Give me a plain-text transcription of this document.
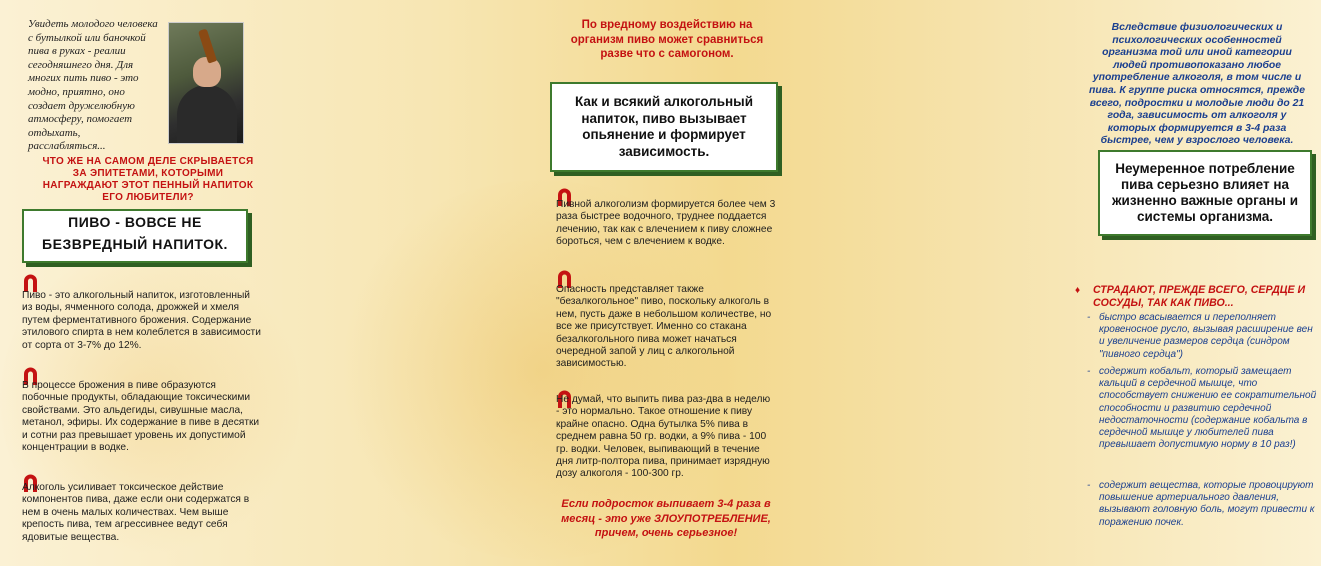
Увидеть молодого человека с бутылкой или баночкой пива в руках - реалии сегодняшнего дня. Для многих пить пиво - это модно, приятно, оно создает дружелюбную атмосферу, помогает отдыхать, расслабляться...

ЧТО ЖЕ НА САМОМ ДЕЛЕ СКРЫВАЕТСЯ ЗА ЭПИТЕТАМИ, КОТОРЫМИ НАГРАЖДАЮТ ЭТОТ ПЕННЫЙ НАПИТОК ЕГО ЛЮБИТЕЛИ?

ПИВО - ВОВСЕ НЕ
БЕЗВРЕДНЫЙ НАПИТОК.

Пиво - это алкогольный напиток, изготовленный из воды, ячменного солода, дрожжей и хмеля путем ферментативного брожения. Содержание этилового спирта в нем колеблется в зависимости от сорта от 3-7% до 12%.

В процессе брожения в пиве образуются побочные продукты, обладающие токсическими свойствами. Это альдегиды, сивушные масла, метанол, эфиры. Их содержание в пиве в десятки и сотни раз превышает уровень их допустимой концентрации в водке.

Алкоголь усиливает токсическое действие компонентов пива, даже если они содержатся в нем в очень малых количествах. Чем выше крепость пива, тем агрессивнее ведут себя ядовитые вещества.

По вредному воздействию на организм пиво может сравниться разве что с самогоном.

Как и всякий алкогольный напиток, пиво вызывает опьянение и формирует зависимость.

Пивной алкоголизм формируется более чем 3 раза быстрее водочного, труднее поддается лечению, так как с влечением к пиву сложнее бороться, чем с влечением к водке.

Опасность представляет также "безалкогольное" пиво, поскольку алкоголь в нем, пусть даже в небольшом количестве, но все же присутствует. Именно со стакана безалкогольного пива может начаться очередной запой у лиц с алкогольной зависимостью.

Не думай, что выпить пива раз-два в неделю - это нормально. Такое отношение к пиву крайне опасно. Одна бутылка 5% пива в среднем равна 50 гр. водки, а 9% пива - 100 гр. водки. Человек, выпивающий в течение дня литр-полтора пива, принимает изрядную дозу алкоголя - 100-300 гр.

Если подросток выпивает 3-4 раза в месяц - это уже ЗЛОУПОТРЕБЛЕНИЕ, причем, очень серьезное!

Вследствие физиологических и психологических особенностей организма той или иной категории людей противопоказано любое употребление алкоголя, в том числе и пива. К группе риска относятся, прежде всего, подростки и молодые люди до 21 года, зависимость от алкоголя у которых формируется в 3-4 раза быстрее, чем у взрослого человека.

Неумеренное потребление пива серьезно влияет на жизненно важные органы и системы организма.
♦ СТРАДАЮТ, ПРЕЖДЕ ВСЕГО, СЕРДЦЕ И СОСУДЫ, ТАК КАК ПИВО...

- быстро всасывается и переполняет кровеносное русло, вызывая расширение вен и увеличение размеров сердца (синдром "пивного сердца")
- содержит кобальт, который замещает кальций в сердечной мышце, что способствует снижению ее сократительной способности и развитию сердечной недостаточности (содержание кобальта в сердечной мышце у любителей пива превышает допустимую норму в 10 раз!)
- содержит вещества, которые провоцируют повышение артериального давления, вызывают головную боль, могут привести к поражению почек.
